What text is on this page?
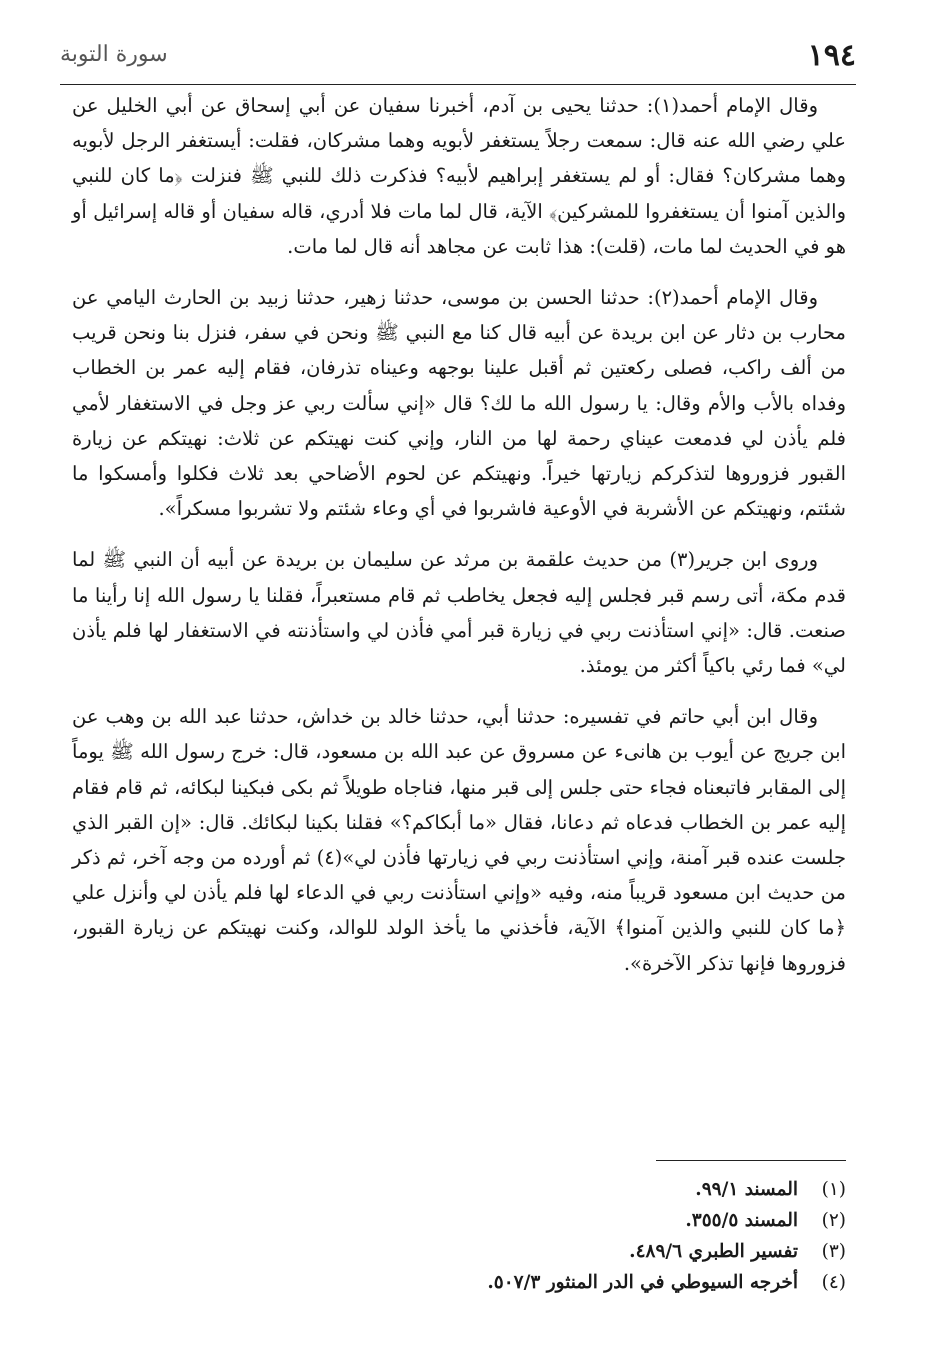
١٩٤
سورة التوبة

وقال الإمام أحمد(١): حدثنا يحيى بن آدم، أخبرنا سفيان عن أبي إسحاق عن أبي الخليل عن علي رضي الله عنه قال: سمعت رجلاً يستغفر لأبويه وهما مشركان، فقلت: أيستغفر الرجل لأبويه وهما مشركان؟ فقال: أو لم يستغفر إبراهيم لأبيه؟ فذكرت ذلك للنبي ﷺ فنزلت ﴿ما كان للنبي والذين آمنوا أن يستغفروا للمشركين﴾ الآية، قال لما مات فلا أدري، قاله سفيان أو قاله إسرائيل أو هو في الحديث لما مات، (قلت): هذا ثابت عن مجاهد أنه قال لما مات.

وقال الإمام أحمد(٢): حدثنا الحسن بن موسى، حدثنا زهير، حدثنا زبيد بن الحارث اليامي عن محارب بن دثار عن ابن بريدة عن أبيه قال كنا مع النبي ﷺ ونحن في سفر، فنزل بنا ونحن قريب من ألف راكب، فصلى ركعتين ثم أقبل علينا بوجهه وعيناه تذرفان، فقام إليه عمر بن الخطاب وفداه بالأب والأم وقال: يا رسول الله ما لك؟ قال «إني سألت ربي عز وجل في الاستغفار لأمي فلم يأذن لي فدمعت عيناي رحمة لها من النار، وإني كنت نهيتكم عن ثلاث: نهيتكم عن زيارة القبور فزوروها لتذكركم زيارتها خيراً. ونهيتكم عن لحوم الأضاحي بعد ثلاث فكلوا وأمسكوا ما شئتم، ونهيتكم عن الأشربة في الأوعية فاشربوا في أي وعاء شئتم ولا تشربوا مسكراً».

وروى ابن جرير(٣) من حديث علقمة بن مرثد عن سليمان بن بريدة عن أبيه أن النبي ﷺ لما قدم مكة، أتى رسم قبر فجلس إليه فجعل يخاطب ثم قام مستعبراً، فقلنا يا رسول الله إنا رأينا ما صنعت. قال: «إني استأذنت ربي في زيارة قبر أمي فأذن لي واستأذنته في الاستغفار لها فلم يأذن لي» فما رئي باكياً أكثر من يومئذ.

وقال ابن أبي حاتم في تفسيره: حدثنا أبي، حدثنا خالد بن خداش، حدثنا عبد الله بن وهب عن ابن جريج عن أيوب بن هانىء عن مسروق عن عبد الله بن مسعود، قال: خرج رسول الله ﷺ يوماً إلى المقابر فاتبعناه فجاء حتى جلس إلى قبر منها، فناجاه طويلاً ثم بكى فبكينا لبكائه، ثم قام فقام إليه عمر بن الخطاب فدعاه ثم دعانا، فقال «ما أبكاكم؟» فقلنا بكينا لبكائك. قال: «إن القبر الذي جلست عنده قبر آمنة، وإني استأذنت ربي في زيارتها فأذن لي»(٤) ثم أورده من وجه آخر، ثم ذكر من حديث ابن مسعود قريباً منه، وفيه «وإني استأذنت ربي في الدعاء لها فلم يأذن لي وأنزل علي ﴿ما كان للنبي والذين آمنوا﴾ الآية، فأخذني ما يأخذ الولد للوالد، وكنت نهيتكم عن زيارة القبور، فزوروها فإنها تذكر الآخرة».

(١)
المسند ٩٩/١.
(٢)
المسند ٣٥٥/٥.
(٣)
تفسير الطبري ٤٨٩/٦.
(٤)
أخرجه السيوطي في الدر المنثور ٥٠٧/٣.
